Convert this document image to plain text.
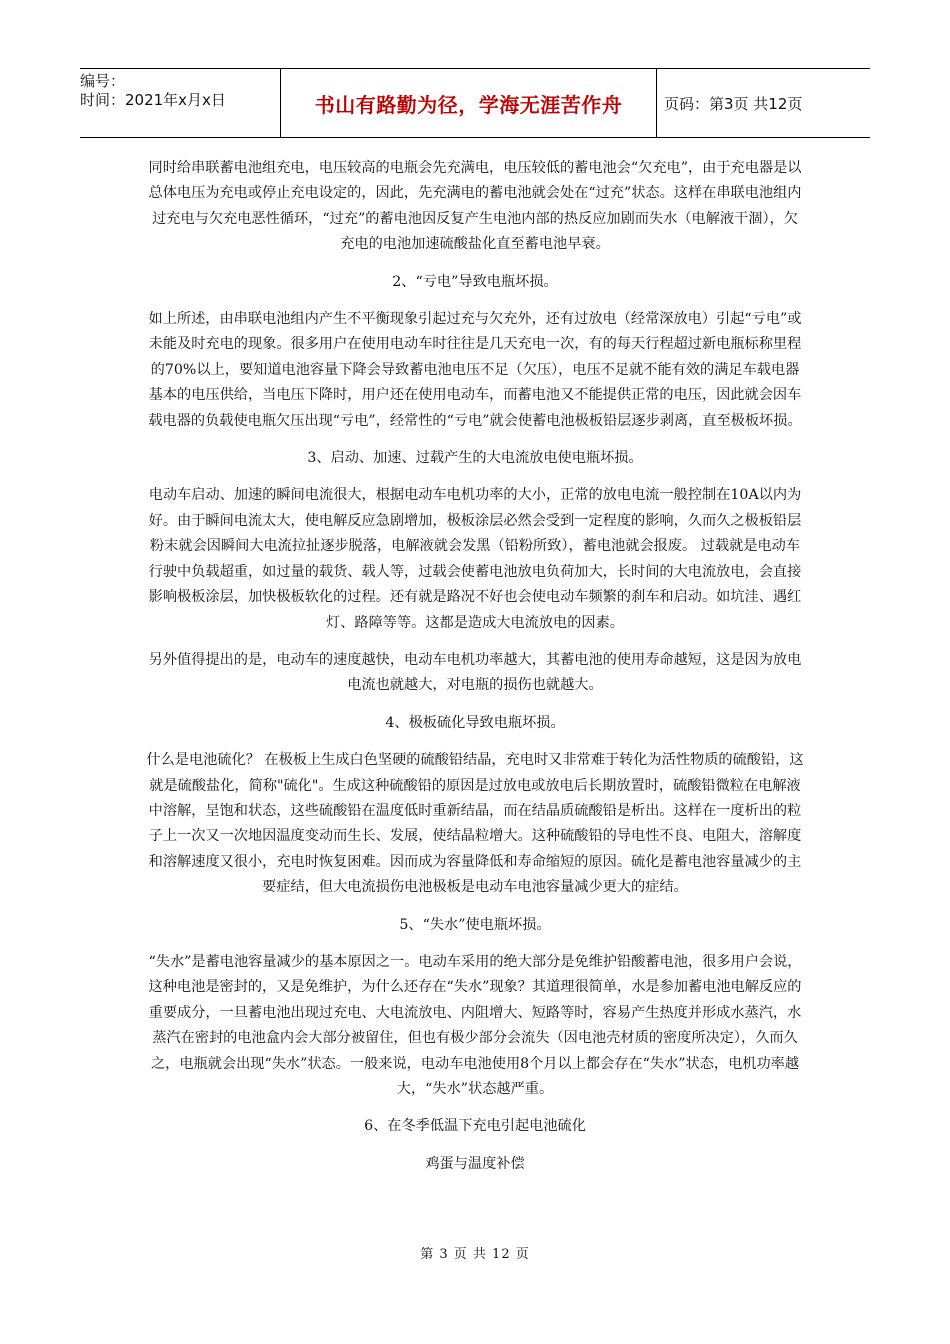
编号：
时间：2021年x月x日	书山有路勤为径，学海无涯苦作舟	页码：第3页 共12页

同时给串联蓄电池组充电，电压较高的电瓶会先充满电，电压较低的蓄电池会“欠充电”，由于充电器是以总体电压为充电或停止充电设定的，因此，先充满电的蓄电池就会处在“过充”状态。这样在串联电池组内过充电与欠充电恶性循环，“过充”的蓄电池因反复产生电池内部的热反应加剧而失水（电解液干涸），欠充电的电池加速硫酸盐化直至蓄电池早衰。

2、“亏电”导致电瓶坏损。

如上所述，由串联电池组内产生不平衡现象引起过充与欠充外，还有过放电（经常深放电）引起“亏电”或未能及时充电的现象。很多用户在使用电动车时往往是几天充电一次，有的每天行程超过新电瓶标称里程的70%以上，要知道电池容量下降会导致蓄电池电压不足（欠压），电压不足就不能有效的满足车载电器基本的电压供给，当电压下降时，用户还在使用电动车，而蓄电池又不能提供正常的电压，因此就会因车载电器的负载使电瓶欠压出现“亏电”，经常性的“亏电”就会使蓄电池极板铅层逐步剥离，直至极板坏损。

3、启动、加速、过载产生的大电流放电使电瓶坏损。

电动车启动、加速的瞬间电流很大，根据电动车电机功率的大小，正常的放电电流一般控制在10A以内为好。由于瞬间电流太大，使电解反应急剧增加，极板涂层必然会受到一定程度的影响，久而久之极板铅层粉末就会因瞬间大电流拉扯逐步脱落，电解液就会发黑（铅粉所致），蓄电池就会报废。 过载就是电动车行驶中负载超重，如过量的载货、载人等，过载会使蓄电池放电负荷加大，长时间的大电流放电，会直接影响极板涂层，加快极板软化的过程。还有就是路况不好也会使电动车频繁的刹车和启动。如坑洼、遇红灯、路障等等。这都是造成大电流放电的因素。

另外值得提出的是，电动车的速度越快，电动车电机功率越大，其蓄电池的使用寿命越短，这是因为放电电流也就越大，对电瓶的损伤也就越大。

4、极板硫化导致电瓶坏损。

什么是电池硫化？ 在极板上生成白色坚硬的硫酸铅结晶，充电时又非常难于转化为活性物质的硫酸铅，这就是硫酸盐化，简称"硫化"。生成这种硫酸铅的原因是过放电或放电后长期放置时，硫酸铅微粒在电解液中溶解，呈饱和状态，这些硫酸铅在温度低时重新结晶，而在结晶质硫酸铅是析出。这样在一度析出的粒子上一次又一次地因温度变动而生长、发展，使结晶粒增大。这种硫酸铅的导电性不良、电阻大，溶解度和溶解速度又很小，充电时恢复困难。因而成为容量降低和寿命缩短的原因。硫化是蓄电池容量减少的主要症结，但大电流损伤电池极板是电动车电池容量减少更大的症结。

5、“失水”使电瓶坏损。

“失水”是蓄电池容量减少的基本原因之一。电动车采用的绝大部分是免维护铅酸蓄电池，很多用户会说，这种电池是密封的，又是免维护，为什么还存在“失水”现象？其道理很简单，水是参加蓄电池电解反应的重要成分，一旦蓄电池出现过充电、大电流放电、内阻增大、短路等时，容易产生热度并形成水蒸汽，水蒸汽在密封的电池盒内会大部分被留住，但也有极少部分会流失（因电池壳材质的密度所决定），久而久之，电瓶就会出现“失水”状态。一般来说，电动车电池使用8个月以上都会存在“失水”状态，电机功率越大，“失水”状态越严重。

6、在冬季低温下充电引起电池硫化

鸡蛋与温度补偿

第 3 页 共 12 页
